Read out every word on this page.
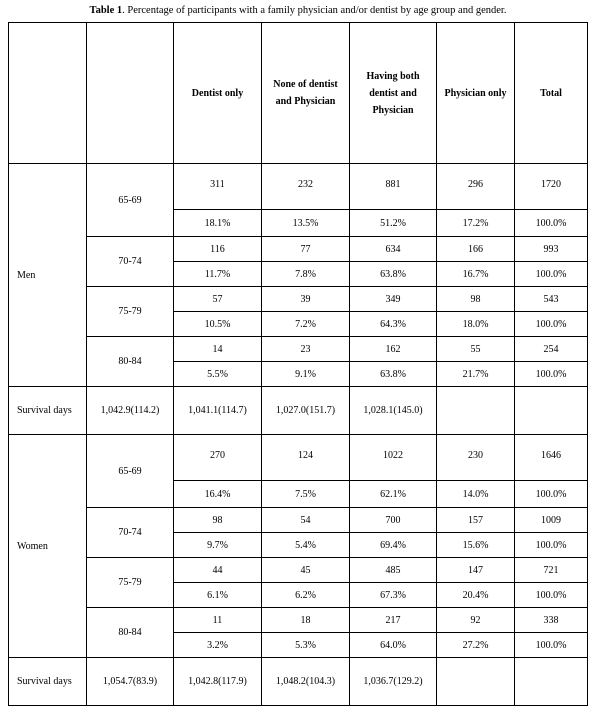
Table 1. Percentage of participants with a family physician and/or dentist by age group and gender.
		Dentist only	None of dentist and Physician	Having both dentist and Physician	Physician only	Total
Men	65-69	311	232	881	296	1720
		18.1%	13.5%	51.2%	17.2%	100.0%
	70-74	116	77	634	166	993
		11.7%	7.8%	63.8%	16.7%	100.0%
	75-79	57	39	349	98	543
		10.5%	7.2%	64.3%	18.0%	100.0%
	80-84	14	23	162	55	254
		5.5%	9.1%	63.8%	21.7%	100.0%
Survival days	1,042.9(114.2)	1,041.1(114.7)	1,027.0(151.7)	1,028.1(145.0)		
Women	65-69	270	124	1022	230	1646
		16.4%	7.5%	62.1%	14.0%	100.0%
	70-74	98	54	700	157	1009
		9.7%	5.4%	69.4%	15.6%	100.0%
	75-79	44	45	485	147	721
		6.1%	6.2%	67.3%	20.4%	100.0%
	80-84	11	18	217	92	338
		3.2%	5.3%	64.0%	27.2%	100.0%
Survival days	1,054.7(83.9)	1,042.8(117.9)	1,048.2(104.3)	1,036.7(129.2)		
